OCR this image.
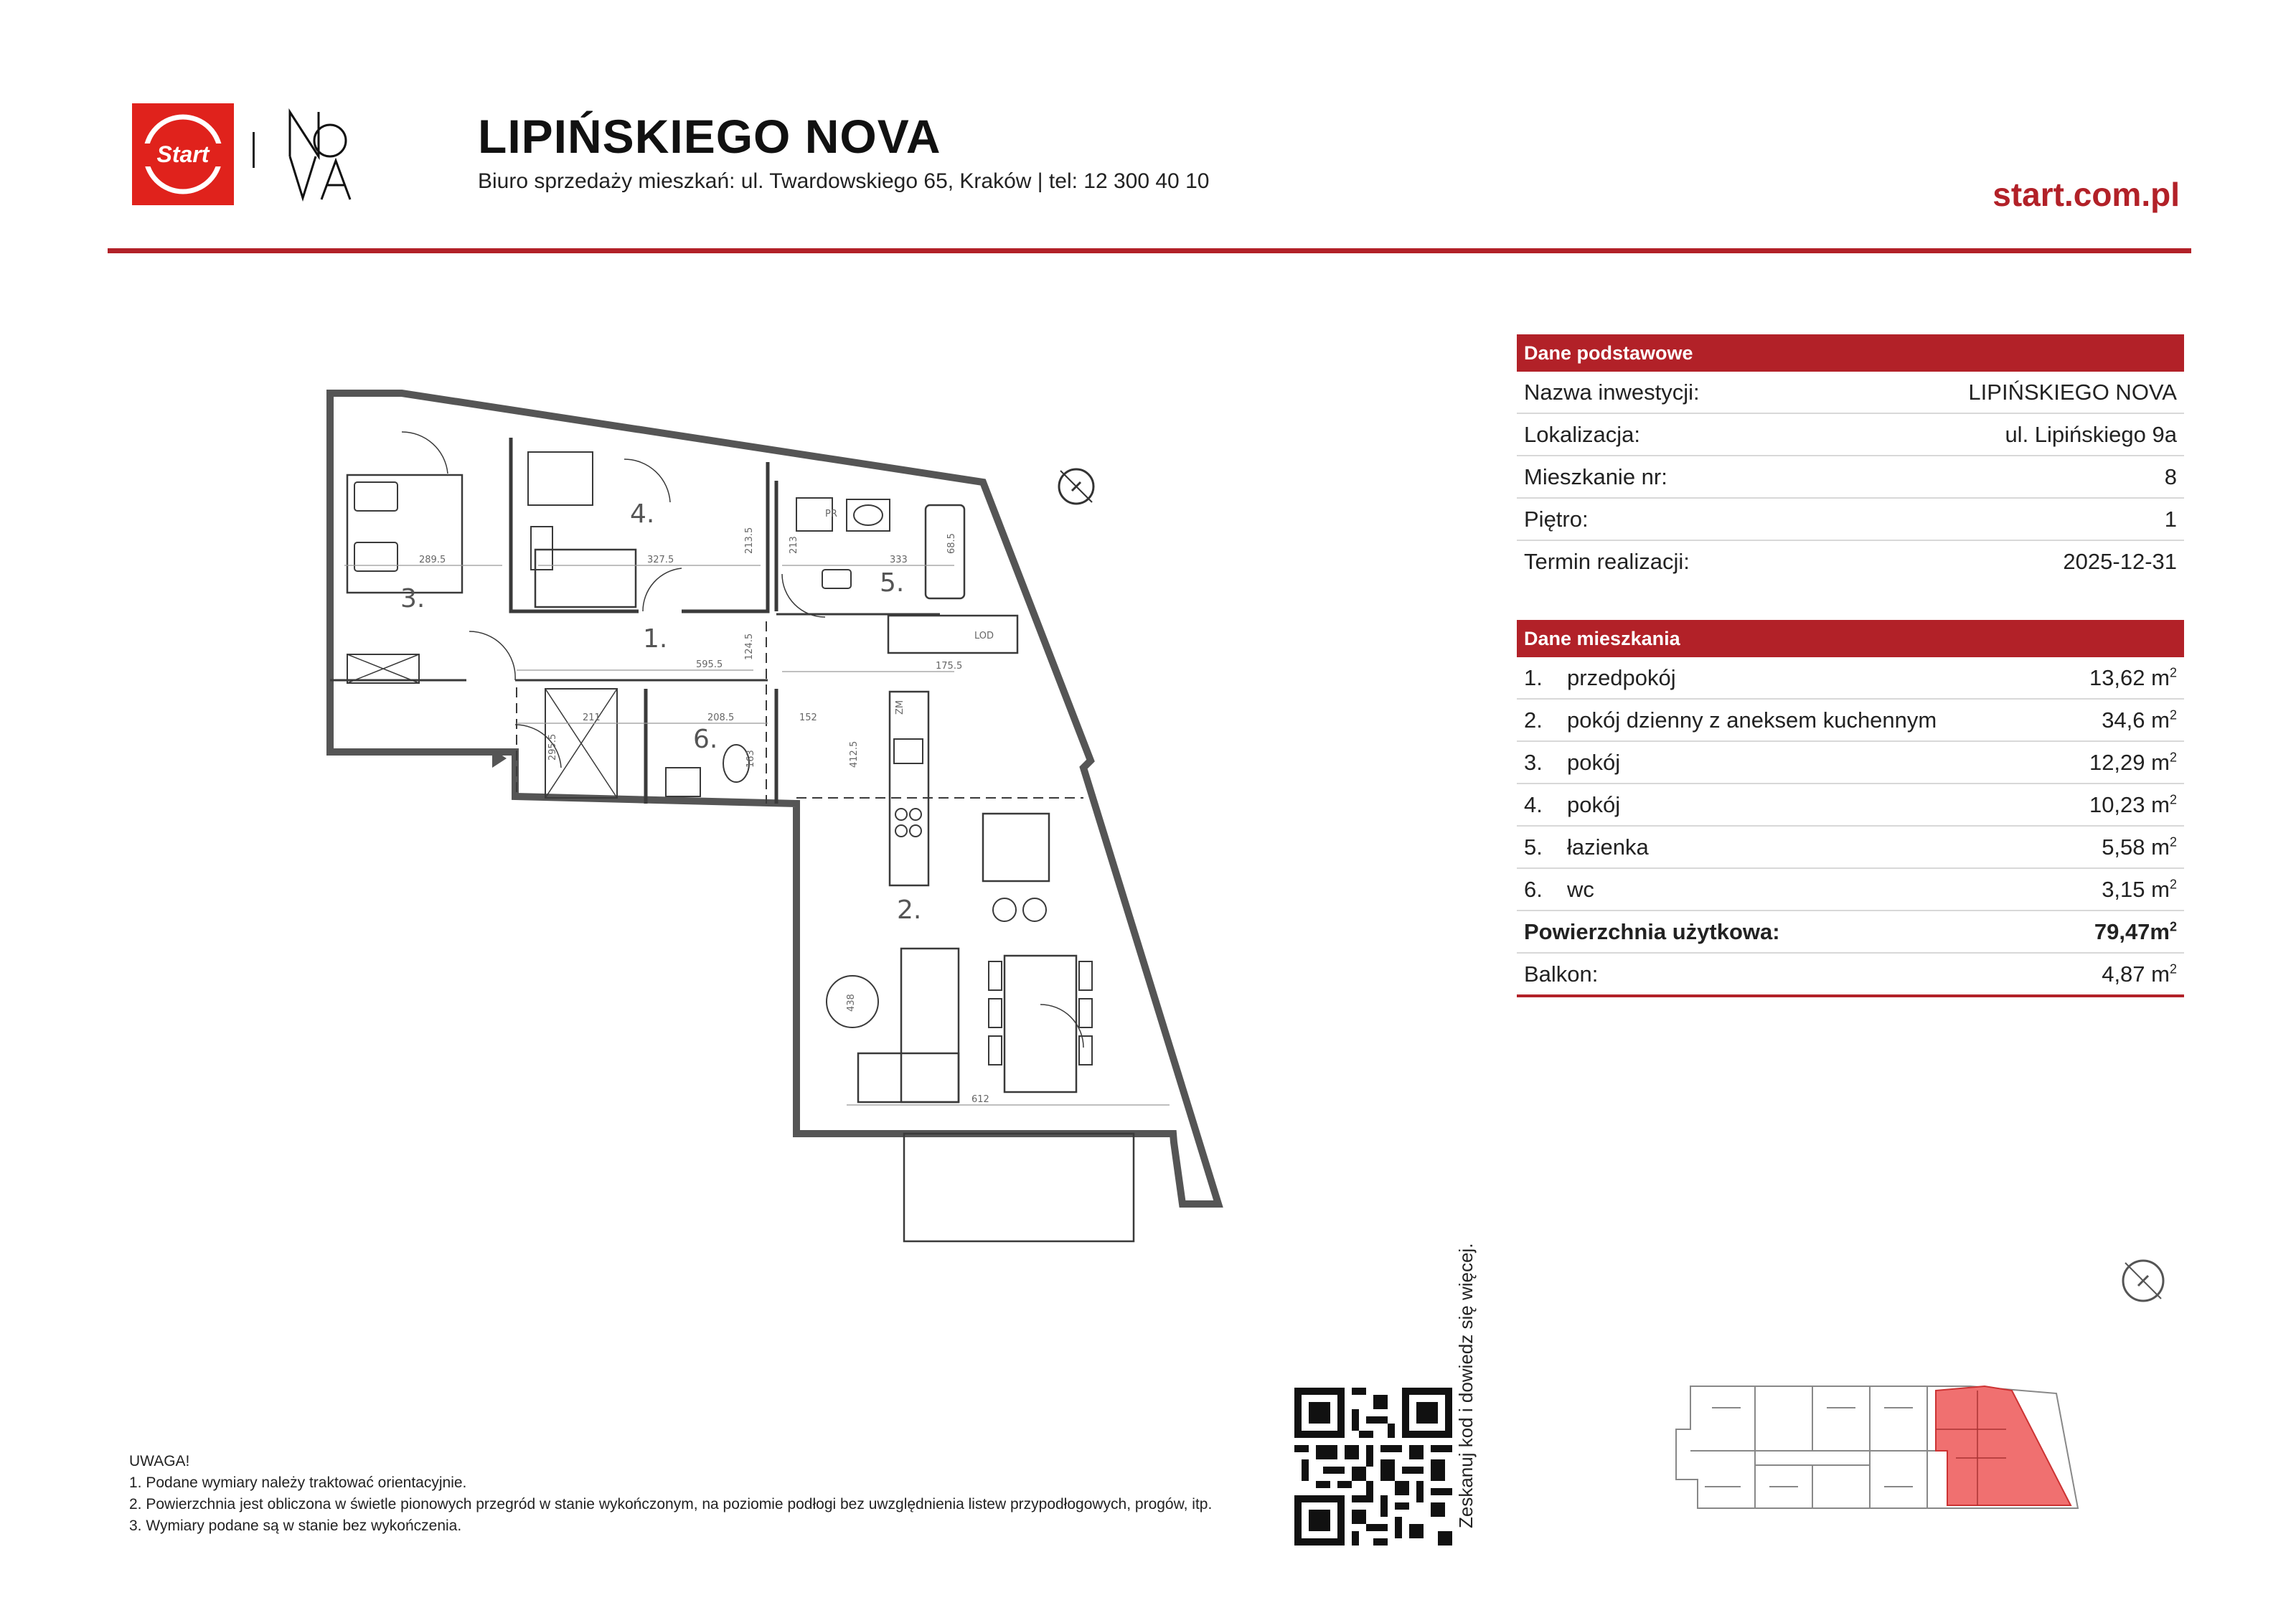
Start	LIPIŃSKIEGO NOVA
Biuro sprzedaży mieszkań: ul. Twardowskiego 65, Kraków | tel: 12 300 40 10	start.com.pl
1.
2.
3.
4.
5.
6.
289.5	327.5
213.5	213
333
68.5
595.5
124.5
175.5
295.5
211	208.5	152
163	412.5
438
612
PR
LOD
ZM
Dane podstawowe
Nazwa inwestycji:	LIPIŃSKIEGO NOVA
Lokalizacja:	ul. Lipińskiego 9a
Mieszkanie nr:	8
Piętro:	1
Termin realizacji:	2025-12-31
Dane mieszkania
1.	przedpokój	13,62 $m^2$
2.	pokój dzienny z aneksem kuchennym	34,6 $m^2$
3.	pokój	12,29 $m^2$
4.	pokój	10,23 $m^2$
5.	łazienka	5,58 $m^2$
6.	wc	3,15 $m^2$
Powierzchnia użytkowa:	$79,47m^2$
Balkon:	4,87 $m^2$
Zeskanuj kod i dowiedz się więcej.
UWAGA!
1. Podane wymiary należy traktować orientacyjnie.
2. Powierzchnia jest obliczona w świetle pionowych przegród w stanie wykończonym, na poziomie podłogi bez uwzględnienia listew przypodłogowych, progów, itp.
3. Wymiary podane są w stanie bez wykończenia.
